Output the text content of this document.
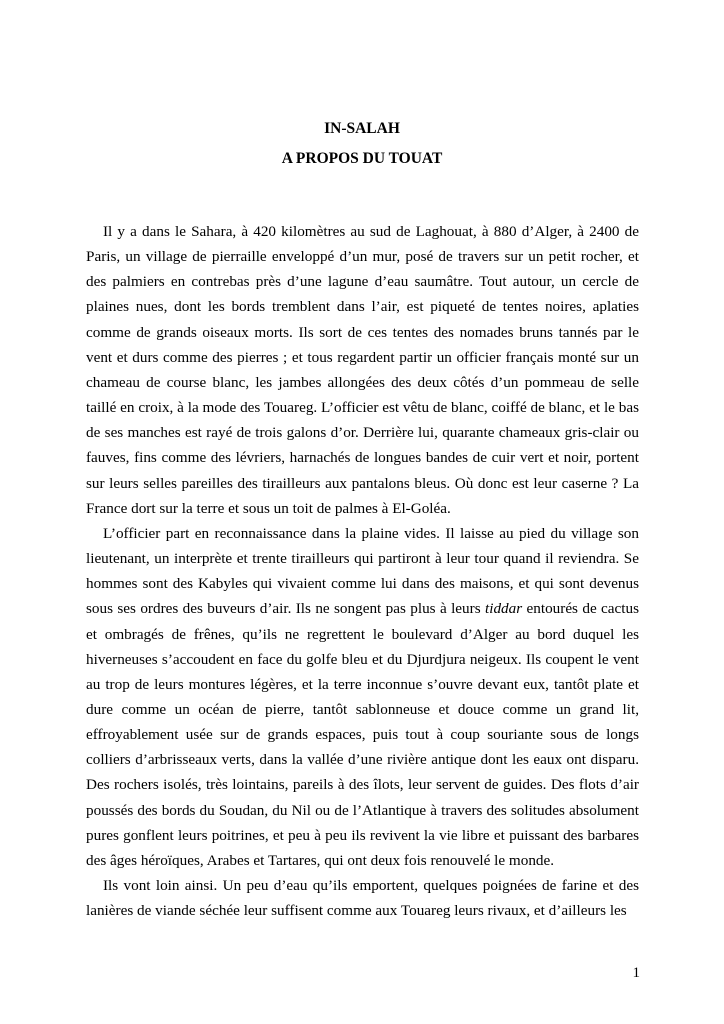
IN-SALAH
A PROPOS DU TOUAT

Il y a dans le Sahara, à 420 kilomètres au sud de Laghouat, à 880 d’Alger, à 2400 de Paris, un village de pierraille enveloppé d’un mur, posé de travers sur un petit rocher, et des palmiers en contrebas près d’une lagune d’eau saumâtre. Tout autour, un cercle de plaines nues, dont les bords tremblent dans l’air, est piqueté de tentes noires, aplaties comme de grands oiseaux morts. Ils sort de ces tentes des nomades bruns tannés par le vent et durs comme des pierres ; et tous regardent partir un officier français monté sur un chameau de course blanc, les jambes allongées des deux côtés d’un pommeau de selle taillé en croix, à la mode des Touareg. L’officier est vêtu de blanc, coiffé de blanc, et le bas de ses manches est rayé de trois galons d’or. Derrière lui, quarante chameaux gris-clair ou fauves, fins comme des lévriers, harnachés de longues bandes de cuir vert et noir, portent sur leurs selles pareilles des tirailleurs aux pantalons bleus. Où donc est leur caserne ? La France dort sur la terre et sous un toit de palmes à El-Goléa.

L’officier part en reconnaissance dans la plaine vides. Il laisse au pied du village son lieutenant, un interprète et trente tirailleurs qui partiront à leur tour quand il reviendra. Se hommes sont des Kabyles qui vivaient comme lui dans des maisons, et qui sont devenus sous ses ordres des buveurs d’air. Ils ne songent pas plus à leurs tiddar entourés de cactus et ombragés de frênes, qu’ils ne regrettent le boulevard d’Alger au bord duquel les hiverneuses s’accoudent en face du golfe bleu et du Djurdjura neigeux. Ils coupent le vent au trop de leurs montures légères, et la terre inconnue s’ouvre devant eux, tantôt plate et dure comme un océan de pierre, tantôt sablonneuse et douce comme un grand lit, effroyablement usée sur de grands espaces, puis tout à coup souriante sous de longs colliers d’arbrisseaux verts, dans la vallée d’une rivière antique dont les eaux ont disparu. Des rochers isolés, très lointains, pareils à des îlots, leur servent de guides. Des flots d’air poussés des bords du Soudan, du Nil ou de l’Atlantique à travers des solitudes absolument pures gonflent leurs poitrines, et peu à peu ils revivent la vie libre et puissant des barbares des âges héroïques, Arabes et Tartares, qui ont deux fois renouvelé le monde.

Ils vont loin ainsi. Un peu d’eau qu’ils emportent, quelques poignées de farine et des lanières de viande séchée leur suffisent comme aux Touareg leurs rivaux, et d’ailleurs les

1
